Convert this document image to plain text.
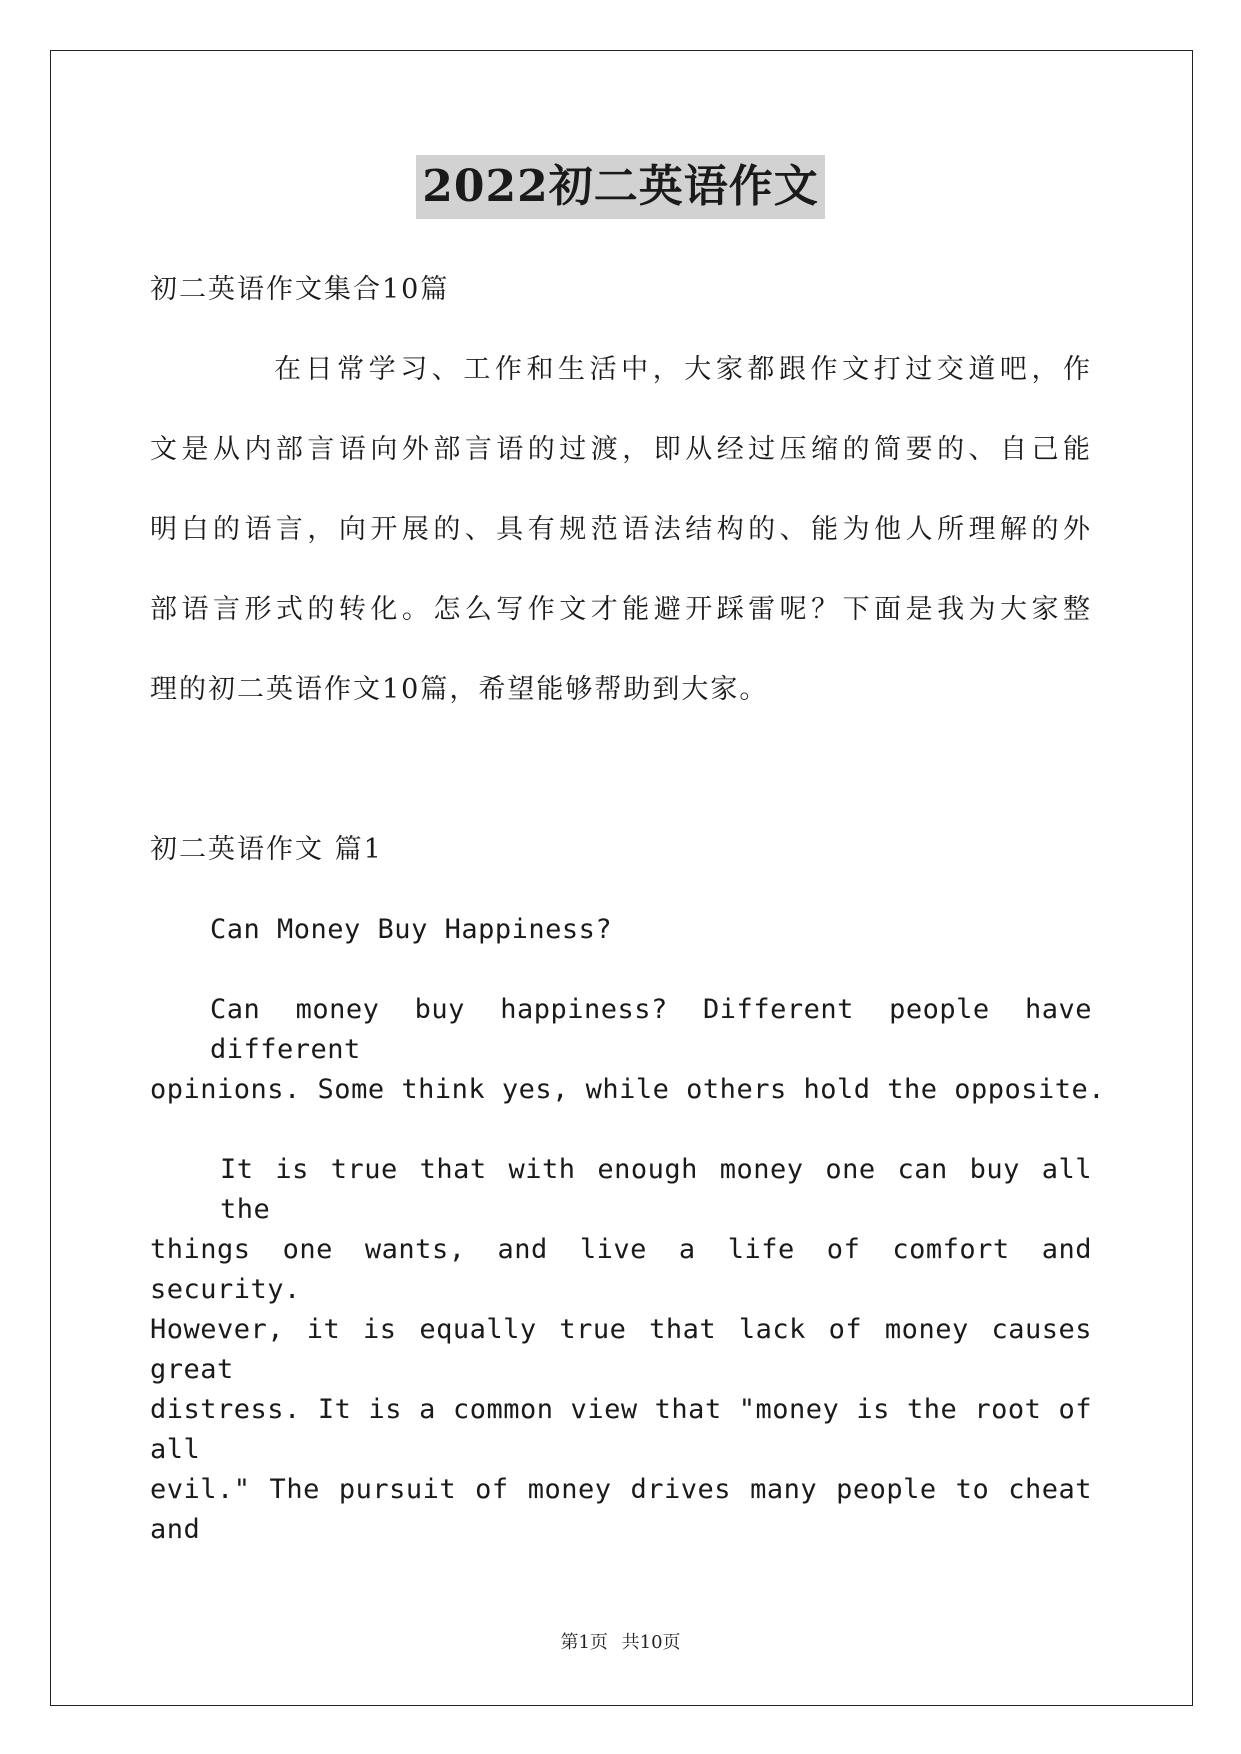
2022初二英语作文
初二英语作文集合10篇
在日常学习、工作和生活中，大家都跟作文打过交道吧，作
文是从内部言语向外部言语的过渡，即从经过压缩的简要的、自己能
明白的语言，向开展的、具有规范语法结构的、能为他人所理解的外
部语言形式的转化。怎么写作文才能避开踩雷呢？下面是我为大家整
理的初二英语作文10篇，希望能够帮助到大家。
初二英语作文 篇1
Can Money Buy Happiness?
Can money buy happiness? Different people have different
opinions. Some think yes, while others hold the opposite.
It is true that with enough money one can buy all the
things one wants, and live a life of comfort and security.
However, it is equally true that lack of money causes great
distress. It is a common view that "money is the root of all
evil." The pursuit of money drives many people to cheat and
第1页 共10页
